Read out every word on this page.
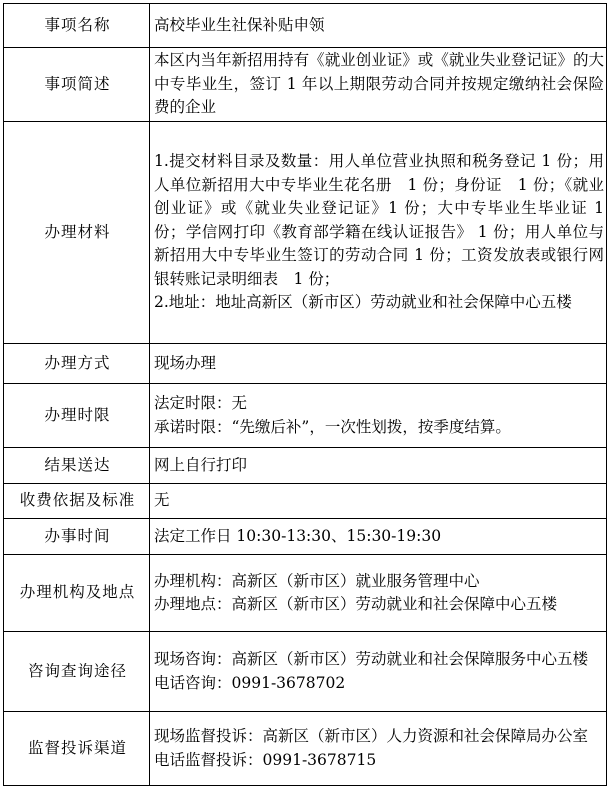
事项名称	高校毕业生社保补贴申领

事项简述	本区内当年新招用持有《就业创业证》或《就业失业登记证》的大中专毕业生，签订 1 年以上期限劳动合同并按规定缴纳社会保险费的企业

办理材料	1.提交材料目录及数量：用人单位营业执照和税务登记 1 份；用人单位新招用大中专毕业生花名册　1 份；身份证　1 份；《就业创业证》或《就业失业登记证》1 份；大中专毕业生毕业证 1 份；学信网打印《教育部学籍在线认证报告》 1 份；用人单位与新招用大中专毕业生签订的劳动合同 1 份；工资发放表或银行网银转账记录明细表　1 份；
2.地址：地址高新区（新市区）劳动就业和社会保障中心五楼

办理方式	现场办理

办理时限	法定时限：无
承诺时限：“先缴后补”，一次性划拨，按季度结算。

结果送达	网上自行打印

收费依据及标准	无

办事时间	法定工作日 10:30-13:30、15:30-19:30

办理机构及地点	办理机构：高新区（新市区）就业服务管理中心
办理地点：高新区（新市区）劳动就业和社会保障中心五楼

咨询查询途径	现场咨询：高新区（新市区）劳动就业和社会保障服务中心五楼
电话咨询：0991-3678702

监督投诉渠道	现场监督投诉：高新区（新市区）人力资源和社会保障局办公室
电话监督投诉：0991-3678715
